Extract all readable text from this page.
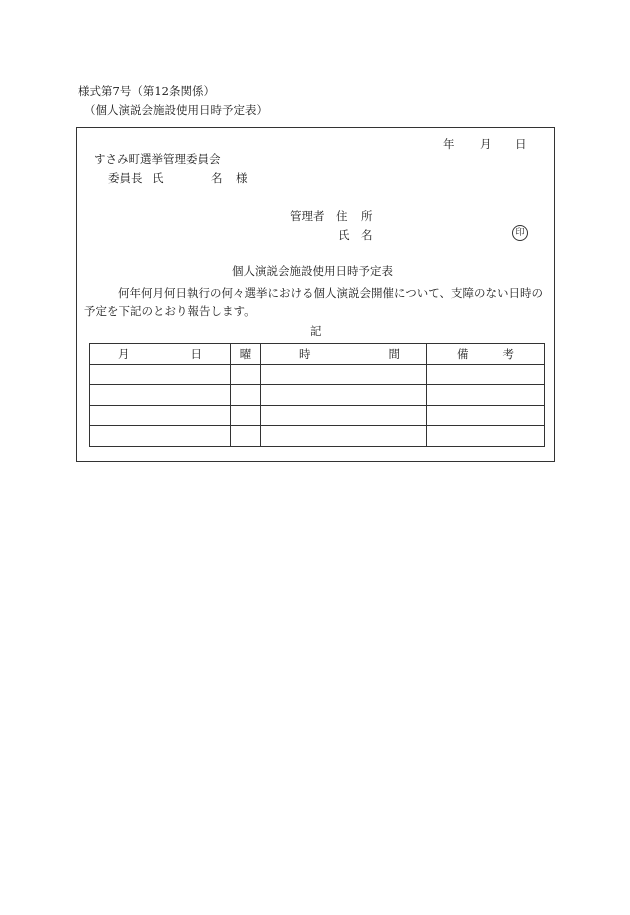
様式第7号（第12条関係）
（個人演説会施設使用日時予定表）
年 月 日
すさみ町選挙管理委員会
委員長 氏	名 様
管理者 住 所
氏 名	印
個人演説会施設使用日時予定表
何年何月何日執行の何々選挙における個人演説会開催について、支障のない日時の
予定を下記のとおり報告します。
記
月 日	曜	時 間	備 考
